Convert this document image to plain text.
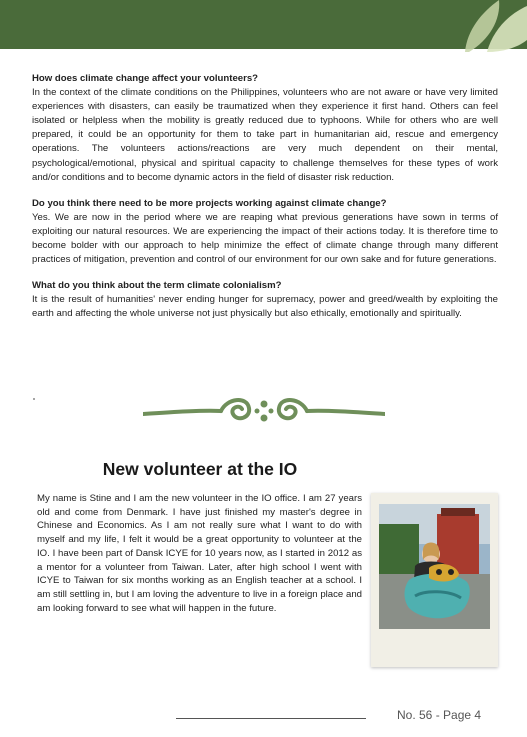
How does climate change affect your volunteers?

In the context of the climate conditions on the Philippines, volunteers who are not aware or have very limited experiences with disasters, can easily be traumatized when they experience it first hand. Others can feel isolated or helpless when the mobility is greatly reduced due to typhoons. While for others who are well prepared, it could be an opportunity for them to take part in humanitarian aid, rescue and emergency operations. The volunteers actions/reactions are very much dependent on their mental, psychological/emotional, physical and spiritual capacity to challenge themselves for these types of work and/or conditions and to become dynamic actors in the field of disaster risk reduction.

Do you think there need to be more projects working against climate change?

Yes. We are now in the period where we are reaping what previous generations have sown in terms of exploiting our natural resources. We are experiencing the impact of their actions today. It is therefore time to become bolder with our approach to help minimize the effect of climate change through many different practices of mitigation, prevention and control of our environment for our own sake and for future generations.

What do you think about the term climate colonialism?

It is the result of humanities' never ending hunger for supremacy, power and greed/wealth by exploiting the earth and affecting the whole universe not just physically but also ethically, emotionally and spiritually.

New volunteer at the IO

My name is Stine and I am the new volunteer in the IO office. I am 27 years old and come from Denmark. I have just finished my master's degree in Chinese and Economics. As I am not really sure what I want to do with myself and my life, I felt it would be a great opportunity to volunteer at the IO. I have been part of Dansk ICYE for 10 years now, as I started in 2012 as a mentor for a volunteer from Taiwan. Later, after high school I went with ICYE to Taiwan for six months working as an English teacher at a school. I am still settling in, but I am loving the adventure to live in a foreign place and am looking forward to see what will happen in the future.

No. 56 - Page 4
